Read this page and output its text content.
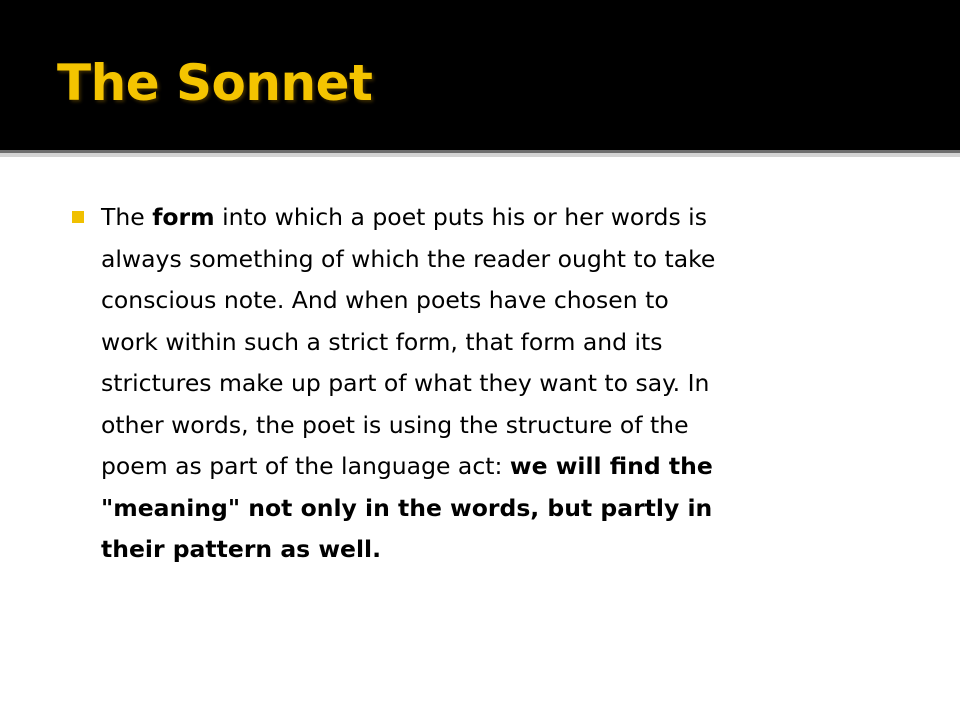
The Sonnet
The form into which a poet puts his or her words is
always something of which the reader ought to take
conscious note. And when poets have chosen to
work within such a strict form, that form and its
strictures make up part of what they want to say. In
other words, the poet is using the structure of the
poem as part of the language act: we will find the
"meaning" not only in the words, but partly in
their pattern as well.
